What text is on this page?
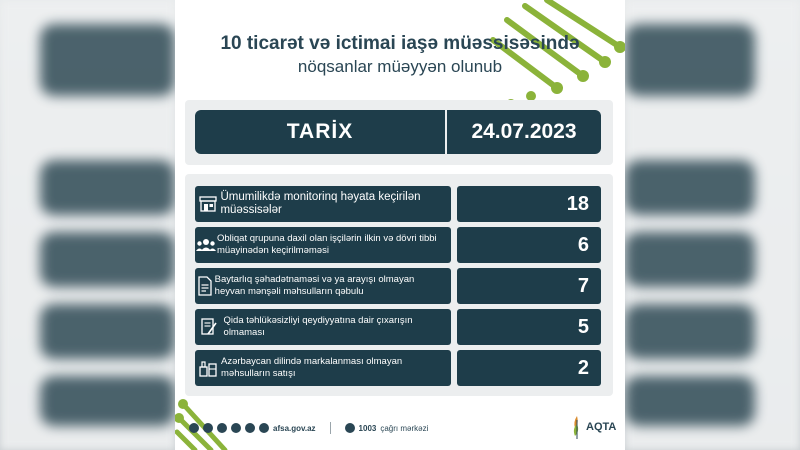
10 ticarət və ictimai iaşə müəssisəsində
nöqsanlar müəyyən olunub
TARİX	24.07.2023
Ümumilikdə monitorinq həyata keçirilən müəssisələr	18
Obliqat qrupuna daxil olan işçilərin ilkin və dövri tibbi müayinədən keçirilməməsi	6
Baytarlıq şəhadətnaməsi və ya arayışı olmayan heyvan mənşəli məhsulların qəbulu	7
Qida təhlükəsizliyi qeydiyyatına dair çıxarışın olmaması	5
Azərbaycan dilində markalanması olmayan məhsulların satışı	2
afsa.gov.az	1003 çağrı mərkəzi	AQTA
